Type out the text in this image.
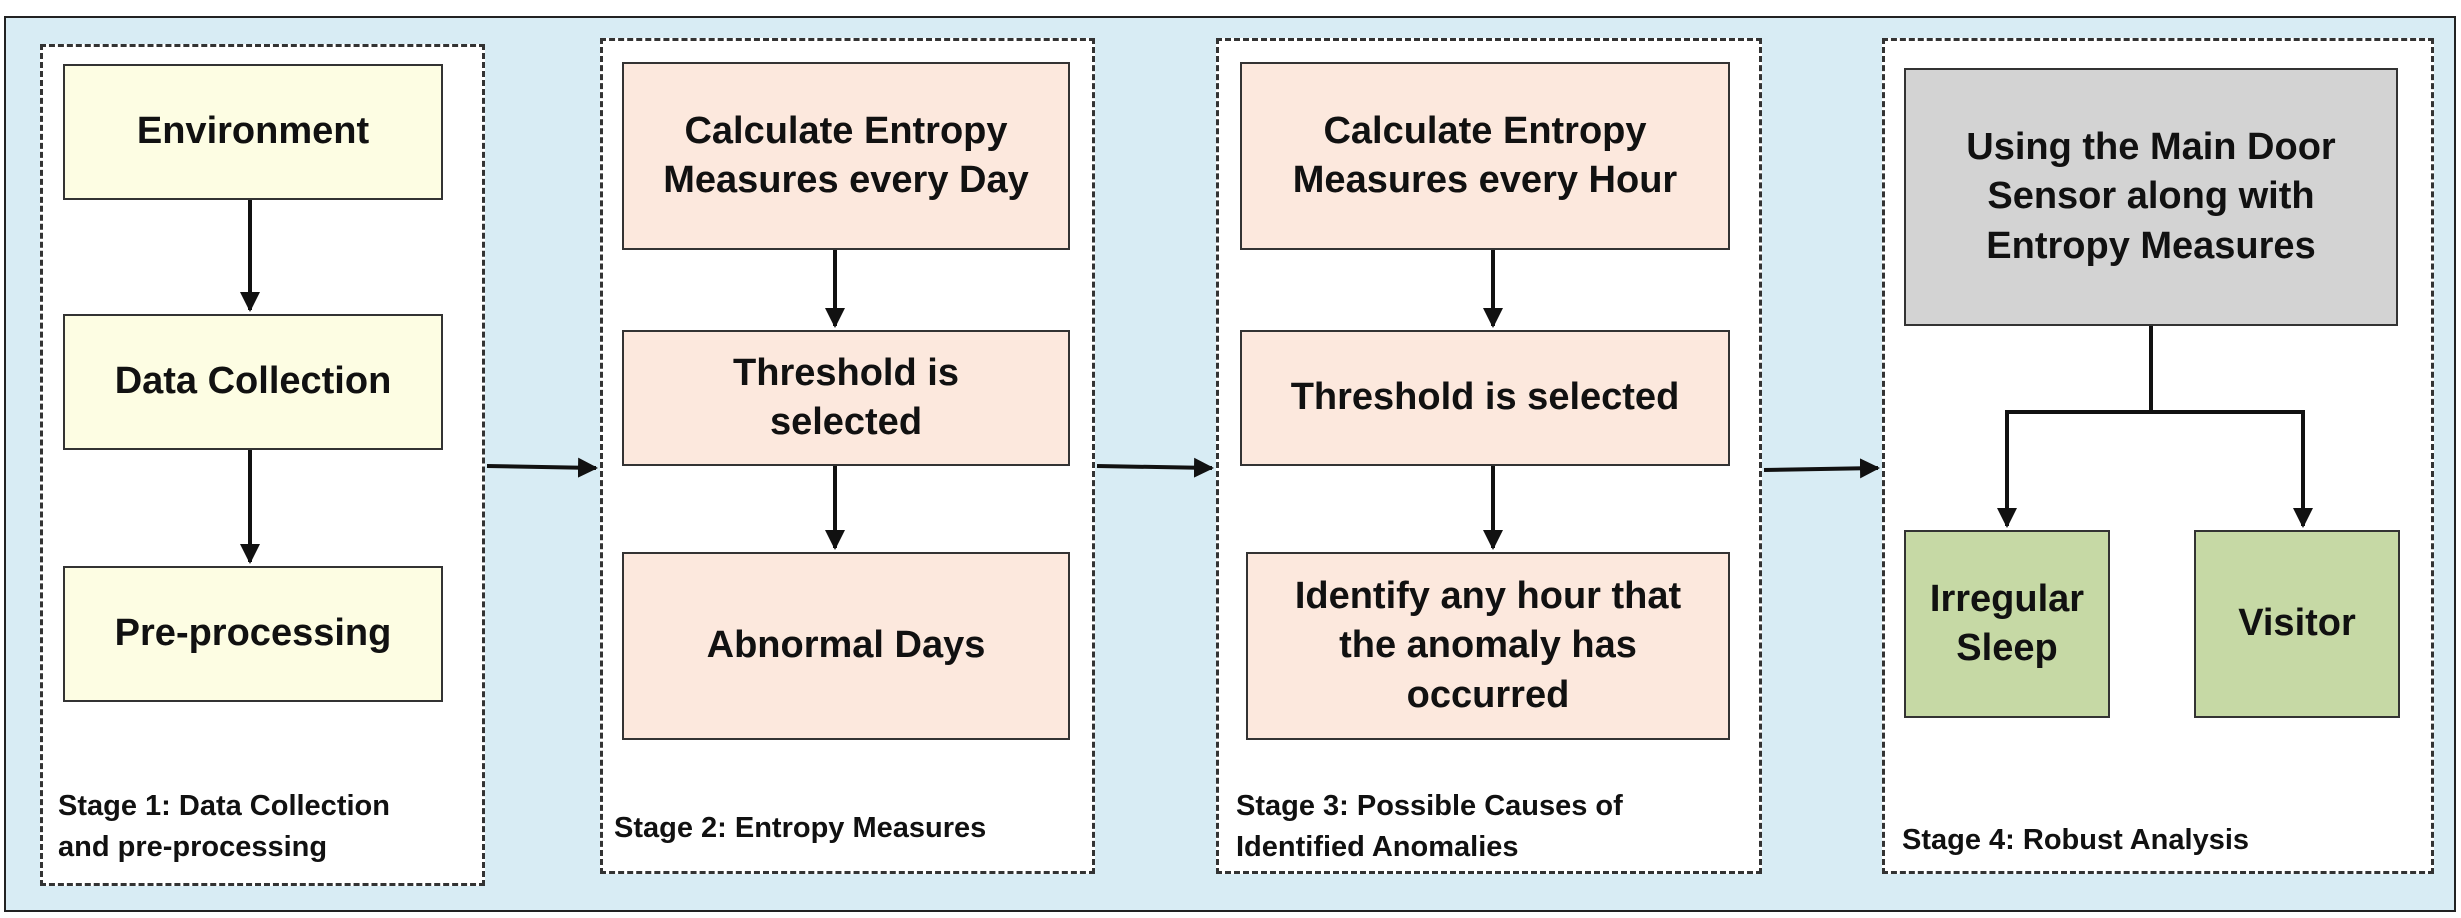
Environment
Data Collection
Pre-processing
Stage 1: Data Collection
and pre-processing
Calculate Entropy
Measures every Day
Threshold is
selected
Abnormal Days
Stage 2: Entropy Measures
Calculate Entropy
Measures every Hour
Threshold is selected
Identify any hour that
the anomaly has
occurred
Stage 3: Possible Causes of
Identified Anomalies
Using the Main Door
Sensor along with
Entropy Measures
Irregular
Sleep
Visitor
Stage 4: Robust Analysis
